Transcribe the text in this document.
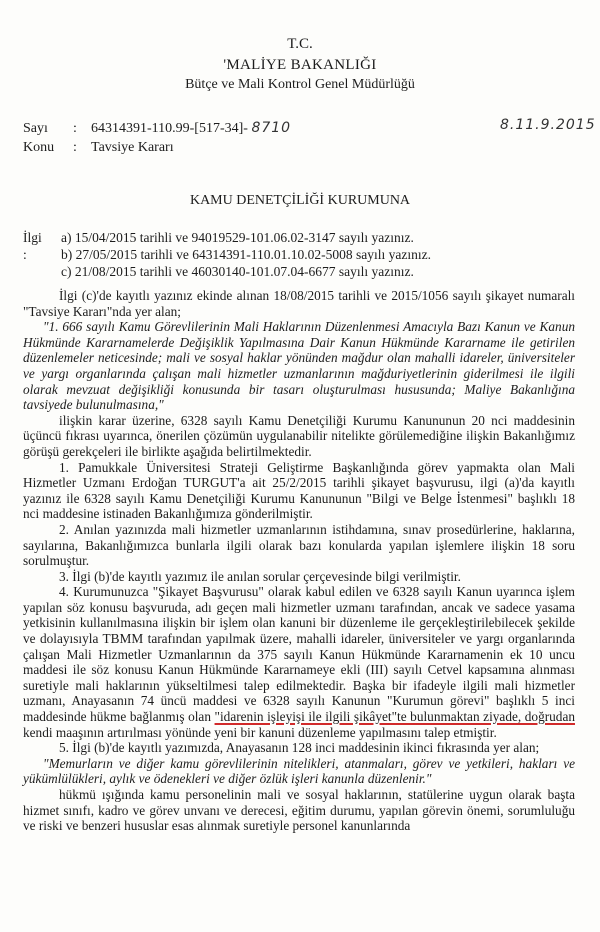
T.C.
'MALİYE BAKANLIĞI
Bütçe ve Mali Kontrol Genel Müdürlüğü
Sayı : 64314391-110.99-[517-34]- 8710	8.11.9.2015
Konu : Tavsiye Kararı
KAMU DENETÇİLİĞİ KURUMUNA
İlgi :
a) 15/04/2015 tarihli ve 94019529-101.06.02-3147 sayılı yazınız.
b) 27/05/2015 tarihli ve 64314391-110.01.10.02-5008 sayılı yazınız.
c) 21/08/2015 tarihli ve 46030140-101.07.04-6677 sayılı yazınız.

İlgi (c)'de kayıtlı yazınız ekinde alınan 18/08/2015 tarihli ve 2015/1056 sayılı şikayet numaralı "Tavsiye Kararı"nda yer alan;

"1. 666 sayılı Kamu Görevlilerinin Mali Haklarının Düzenlenmesi Amacıyla Bazı Kanun ve Kanun Hükmünde Kararnamelerde Değişiklik Yapılmasına Dair Kanun Hükmünde Kararname ile getirilen düzenlemeler neticesinde; mali ve sosyal haklar yönünden mağdur olan mahalli idareler, üniversiteler ve yargı organlarında çalışan mali hizmetler uzmanlarının mağduriyetlerinin giderilmesi ile ilgili olarak mevzuat değişikliği konusunda bir tasarı oluşturulması hususunda; Maliye Bakanlığına tavsiyede bulunulmasına,"

ilişkin karar üzerine, 6328 sayılı Kamu Denetçiliği Kurumu Kanununun 20 nci maddesinin üçüncü fıkrası uyarınca, önerilen çözümün uygulanabilir nitelikte görülemediğine ilişkin Bakanlığımız görüşü gerekçeleri ile birlikte aşağıda belirtilmektedir.

1. Pamukkale Üniversitesi Strateji Geliştirme Başkanlığında görev yapmakta olan Mali Hizmetler Uzmanı Erdoğan TURGUT'a ait 25/2/2015 tarihli şikayet başvurusu, ilgi (a)'da kayıtlı yazınız ile 6328 sayılı Kamu Denetçiliği Kurumu Kanununun "Bilgi ve Belge İstenmesi" başlıklı 18 nci maddesine istinaden Bakanlığımıza gönderilmiştir.

2. Anılan yazınızda mali hizmetler uzmanlarının istihdamına, sınav prosedürlerine, haklarına, sayılarına, Bakanlığımızca bunlarla ilgili olarak bazı konularda yapılan işlemlere ilişkin 18 soru sorulmuştur.

3. İlgi (b)'de kayıtlı yazımız ile anılan sorular çerçevesinde bilgi verilmiştir.

4. Kurumunuzca "Şikayet Başvurusu" olarak kabul edilen ve 6328 sayılı Kanun uyarınca işlem yapılan söz konusu başvuruda, adı geçen mali hizmetler uzmanı tarafından, ancak ve sadece yasama yetkisinin kullanılmasına ilişkin bir işlem olan kanuni bir düzenleme ile gerçekleştirilebilecek şekilde ve dolayısıyla TBMM tarafından yapılmak üzere, mahalli idareler, üniversiteler ve yargı organlarında çalışan Mali Hizmetler Uzmanlarının da 375 sayılı Kanun Hükmünde Kararnamenin ek 10 uncu maddesi ile söz konusu Kanun Hükmünde Kararnameye ekli (III) sayılı Cetvel kapsamına alınması suretiyle mali haklarının yükseltilmesi talep edilmektedir. Başka bir ifadeyle ilgili mali hizmetler uzmanı, Anayasanın 74 üncü maddesi ve 6328 sayılı Kanunun "Kurumun görevi" başlıklı 5 inci maddesinde hükme bağlanmış olan "idarenin işleyişi ile ilgili şikâyet"te bulunmaktan ziyade, doğrudan kendi maaşının artırılması yönünde yeni bir kanuni düzenleme yapılmasını talep etmiştir.

5. İlgi (b)'de kayıtlı yazımızda, Anayasanın 128 inci maddesinin ikinci fıkrasında yer alan;

"Memurların ve diğer kamu görevlilerinin nitelikleri, atanmaları, görev ve yetkileri, hakları ve yükümlülükleri, aylık ve ödenekleri ve diğer özlük işleri kanunla düzenlenir."

hükmü ışığında kamu personelinin mali ve sosyal haklarının, statülerine uygun olarak başta hizmet sınıfı, kadro ve görev unvanı ve derecesi, eğitim durumu, yapılan görevin önemi, sorumluluğu ve riski ve benzeri hususlar esas alınmak suretiyle personel kanunlarında
